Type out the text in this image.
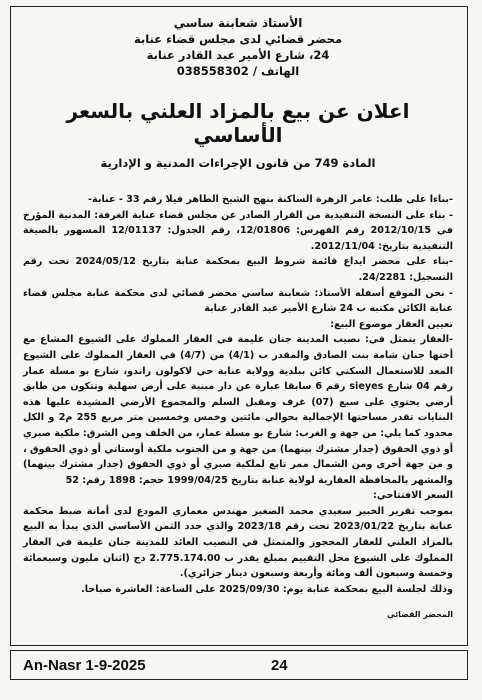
الأستاذ شعابنة ساسي
محضر قضائي لدى مجلس قضاء عنابة
24، شارع الأمير عبد القادر عنابة
الهاتف / 038558302
اعلان عن بيع بالمزاد العلني بالسعر الأساسي
المادة 749 من قانون الإجراءات المدنية و الإدارية

-بناءا على طلب: عامر الزهرة الساكنة بنهج الشيخ الطاهر فيلا رقم 33 - عنابة-

- بناء على النسخة التنفيذية من القرار الصادر عن مجلس قضاء عنابة الغرفة: المدنية المؤرخ في 2012/10/15 رقم الفهرس: 12/01806، رقم الجدول: 12/01137 المسهور بالصيغة التنفيذية بتاريخ: 2012/11/04.

-بناء على محضر ايداع قائمة شروط البيع بمحكمة عنابة بتاريخ 2024/05/12 تحت رقم التسجيل: 24/2281.

- نحن الموقع أسفله الأستاذ: شعابنة ساسي محضر قضائي لدى محكمة عنابة مجلس قضاء عنابة الكائن مكتبه ب 24 شارع الأمير عبد القادر عنابة

تعيين العقار موضوع البيع:

-العقار يتمثل في: نصيب المدينة جنان عليمة في العقار المملوك على الشيوع المشاع مع أختها جنان شامة بنت الصادق والمقدر ب (4/1) من (4/7) في العقار المملوك على الشيوع المعد للاستعمال السكني كائن ببلدية وولاية عنابة حي لاكولون راندو، شارع بو مسلة عمار رقم 04 شارع sieyes رقم 6 سابقا عبارة عن دار مبنية على أرض سهلية وتتكون من طابق أرضي يحتوي على سبع (07) غرف ومقبل السلم والمجموع الأرضي المشيدة عليها هذه البنايات تقدر مساحتها الإجمالية بحوالي مائتين وخمس وخمسين متر مربع 255 م2 و الكل محدود كما يلي: من جهة و الغرب: شارع بو مسلة عمار، من الخلف ومن الشرق: ملكية صبري أو ذوي الحقوق (جدار مشترك بينهما) من جهة و من الجنوب ملكية أوستاتي أو ذوي الحقوق ، و من جهة أخرى ومن الشمال ممر تابع لملكية صبري أو ذوي الحقوق (جدار مشترك بينهما) والمشهر بالمحافظة العقارية لولاية عنابة بتاريخ 1999/04/25 حجم: 1898 رقم: 52

السعر الافتتاحي:

بموجب تقرير الخبير سعيدي محمد الصغير مهندس معماري المودع لدى أمانة ضبط محكمة عنابة بتاريخ 2023/01/22 تحت رقم 2023/18 والذي حدد الثمن الأساسي الذي يبدأ به البيع بالمزاد العلني للعقار المحجوز والمتمثل في النصيب العائد للمدينة جنان عليمة في العقار المملوك على الشيوع محل التقييم بمبلغ يقدر ب 2.775.174.00 دج (اثنان مليون وسبعمائة وخمسة وسبعون ألف ومائة وأربعة وسبعون دينار جزائري).

وذلك لجلسة البيع بمحكمة عنابة يوم: 2025/09/30 على الساعة: العاشرة صباحا.

المحضر القضائي
An-Nasr 1-9-2025	24
